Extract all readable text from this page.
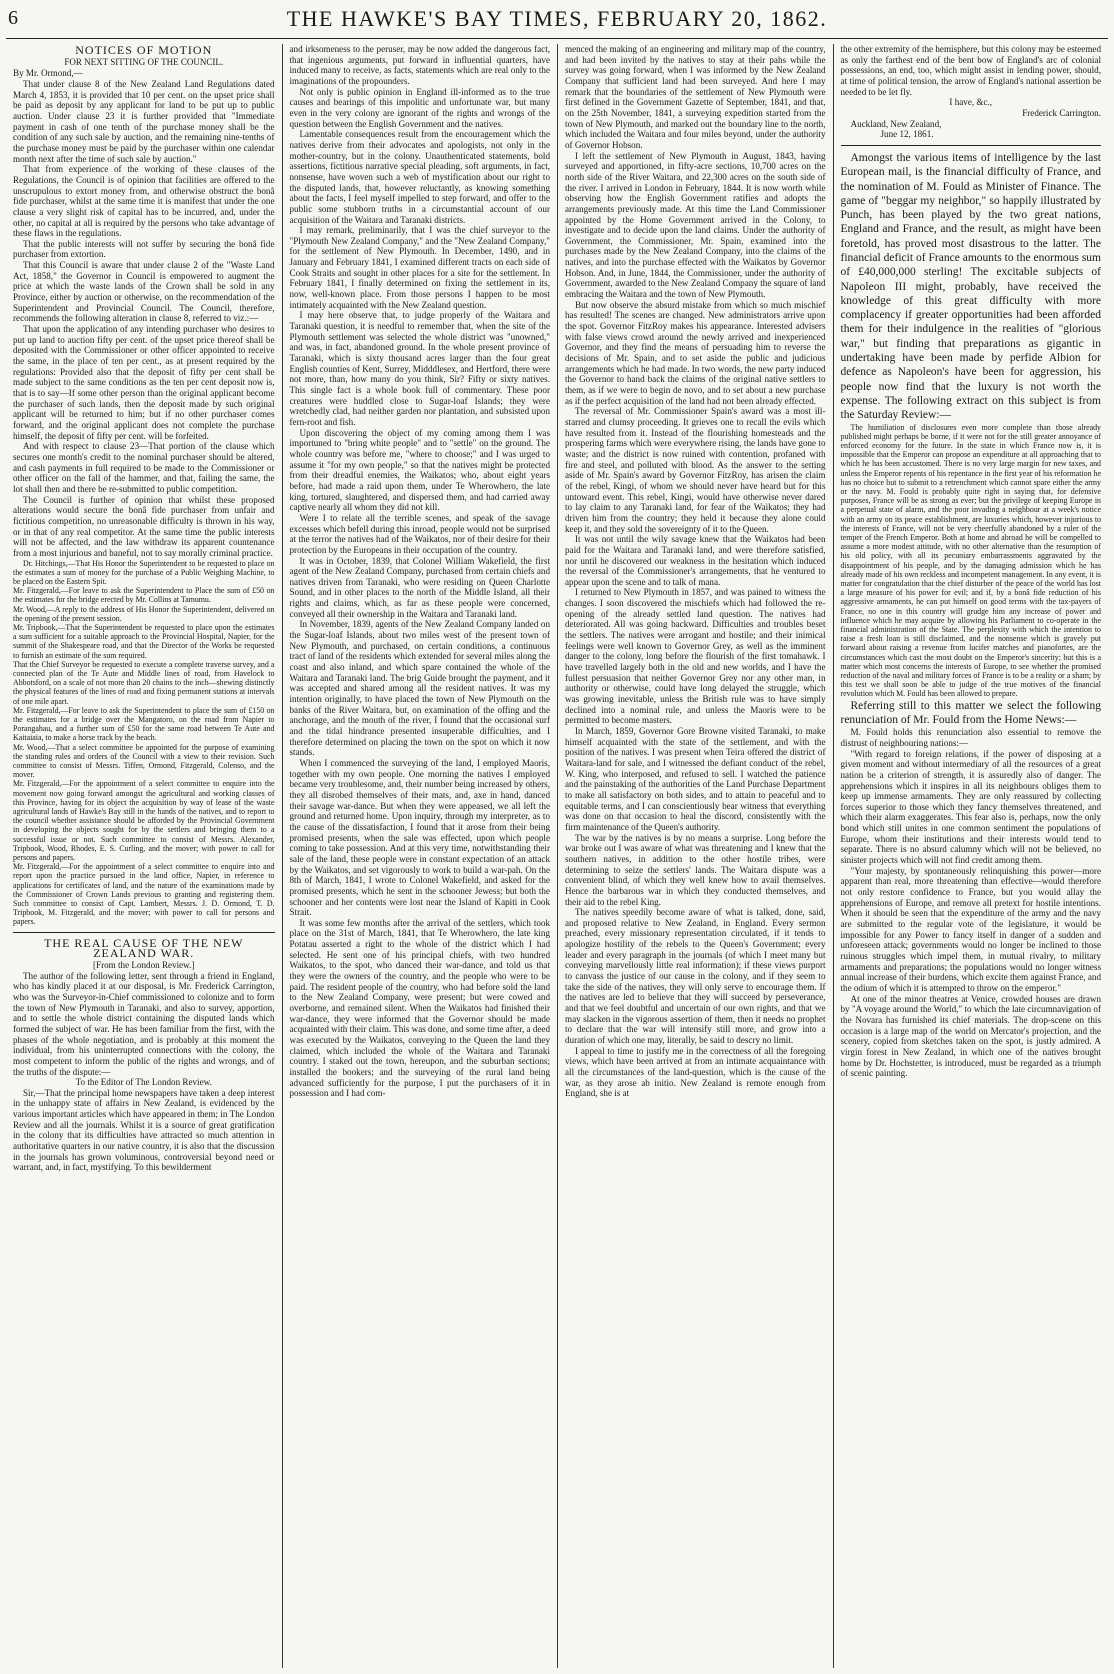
6	THE HAWKE'S BAY TIMES, FEBRUARY 20, 1862.
NOTICES OF MOTION
FOR NEXT SITTING OF THE COUNCIL.

By Mr. Ormond,—

That under clause 8 of the New Zealand Land Regulations dated March 4, 1853, it is provided that 10 per cent. on the upset price shall be paid as deposit by any applicant for land to be put up to public auction. Under clause 23 it is further provided that "Immediate payment in cash of one tenth of the purchase money shall be the condition of any such sale by auction, and the remaining nine-tenths of the purchase money must be paid by the purchaser within one calendar month next after the time of such sale by auction."

That from experience of the working of these clauses of the Regulations, the Council is of opinion that facilities are offered to the unscrupulous to extort money from, and otherwise obstruct the bonâ fide purchaser, whilst at the same time it is manifest that under the one clause a very slight risk of capital has to be incurred, and, under the other, no capital at all is required by the persons who take advantage of these flaws in the regulations.

That the public interests will not suffer by securing the bonâ fide purchaser from extortion.

That this Council is aware that under clause 2 of the "Waste Land Act, 1858," the Governor in Council is empowered to augment the price at which the waste lands of the Crown shall be sold in any Province, either by auction or otherwise, on the recommendation of the Superintendent and Provincial Council. The Council, therefore, recommends the following alteration in clause 8, referred to viz.:—

That upon the application of any intending purchaser who desires to put up land to auction fifty per cent. of the upset price thereof shall be deposited with the Commissioner or other officer appointed to receive the same, in the place of ten per cent., as at present required by the regulations: Provided also that the deposit of fifty per cent shall be made subject to the same conditions as the ten per cent deposit now is, that is to say—If some other person than the original applicant become the purchaser of such lands, then the deposit made by such original applicant will be returned to him; but if no other purchaser comes forward, and the original applicant does not complete the purchase himself, the deposit of fifty per cent. will be forfeited.

And with respect to clause 23—That portion of the clause which secures one month's credit to the nominal purchaser should be altered, and cash payments in full required to be made to the Commissioner or other officer on the fall of the hammer, and that, failing the same, the lot shall then and there be re-submitted to public competition.

The Council is further of opinion that whilst these proposed alterations would secure the bonâ fide purchaser from unfair and fictitious competition, no unreasonable difficulty is thrown in his way, or in that of any real competitor. At the same time the public interests will not be affected, and the law withdraw its apparent countenance from a most injurious and baneful, not to say morally criminal practice.

Dr. Hitchings,—That His Honor the Superintendent to be requested to place on the estimates a sum of money for the purchase of a Public Weighing Machine, to be placed on the Eastern Spit.
Mr. Fitzgerald,—For leave to ask the Superintendent to Place the sum of £50 on the estimates for the bridge erected by Mr. Collins at Tamumu.
Mr. Wood,—A reply to the address of His Honor the Superintendent, delivered on the opening of the present session.
Mr. Tripbook,—That the Superintendent be requested to place upon the estimates a sum sufficient for a suitable approach to the Provincial Hospital, Napier, for the summit of the Shakespeare road, and that the Director of the Works be requested to furnish an estimate of the sum required.
That the Chief Surveyor be requested to execute a complete traverse survey, and a connected plan of the Te Aute and Middle lines of road, from Havelock to Abbotsford, on a scale of not more than 20 chains to the inch—shewing distinctly the physical features of the lines of road and fixing permanent stations at intervals of one mile apart.
Mr. Fitzgerald,—For leave to ask the Superintendent to place the sum of £150 on the estimates for a bridge over the Mangatoro, on the road from Napier to Porangahau, and a further sum of £50 for the same road between Te Aute and Kaitaiaia, to make a horse track by the beach.
Mr. Wood,—That a select committee be appointed for the purpose of examining the standing rules and orders of the Council with a view to their revision. Such committee to consist of Messrs. Tiffen, Ormond, Fitzgerald, Colenso, and the mover.
Mr. Fitzgerald,—For the appointment of a select committee to enquire into the movement now going forward amongst the agricultural and working classes of this Province, having for its object the acquisition by way of lease of the waste agricultural lands of Hawke's Bay still in the hands of the natives, and to report to the council whether assistance should be afforded by the Provincial Government in developing the objects sought for by the settlers and bringing them to a successful issue or not. Such committee to consist of Messrs. Alexander, Tripbook, Wood, Rhodes, E. S. Curling, and the mover; with power to call for persons and papers.
Mr. Fitzgerald,—For the appointment of a select committee to enquire into and report upon the practice pursued in the land office, Napier, in reference to applications for certificates of land, and the nature of the examinations made by the Commissioner of Crown Lands previous to granting and registering them. Such committee to consist of Capt. Lambert, Messrs. J. D. Ormond, T. D. Tripbook, M. Fitzgerald, and the mover; with power to call for persons and papers.

THE REAL CAUSE OF THE NEW ZEALAND WAR.

[From the London Review.]

The author of the following letter, sent through a friend in England, who has kindly placed it at our disposal, is Mr. Frederick Carrington, who was the Surveyor-in-Chief commissioned to colonize and to form the town of New Plymouth in Taranaki, and also to survey, apportion, and to settle the whole district containing the disputed lands which formed the subject of war. He has been familiar from the first, with the phases of the whole negotiation, and is probably at this moment the individual, from his uninterrupted connections with the colony, the most competent to inform the public of the rights and wrongs, and of the truths of the dispute:—

To the Editor of The London Review.

Sir,—That the principal home newspapers have taken a deep interest in the unhappy state of affairs in New Zealand, is evidenced by the various important articles which have appeared in them; in The London Review and all the journals. Whilst it is a source of great gratification in the colony that its difficulties have attracted so much attention in authoritative quarters in our native country, it is also that the discussion in the journals has grown voluminous, controversial beyond need or warrant, and, in fact, mystifying. To this bewilderment

and irksomeness to the peruser, may be now added the dangerous fact, that ingenious arguments, put forward in influential quarters, have induced many to receive, as facts, statements which are real only to the imaginations of the propounders.

Not only is public opinion in England ill-informed as to the true causes and bearings of this impolitic and unfortunate war, but many even in the very colony are ignorant of the rights and wrongs of the question between the English Government and the natives.

Lamentable consequences result from the encouragement which the natives derive from their advocates and apologists, not only in the mother-country, but in the colony. Unauthenticated statements, bold assertions, fictitious narrative special pleading, soft arguments, in fact, nonsense, have woven such a web of mystification about our right to the disputed lands, that, however reluctantly, as knowing something about the facts, I feel myself impelled to step forward, and offer to the public some stubborn truths in a circumstantial account of our acquisition of the Waitara and Taranaki districts.

I may remark, preliminarily, that I was the chief surveyor to the "Plymouth New Zealand Company," and the "New Zealand Company," for the settlement of New Plymouth. In December, 1490, and in January and February 1841, I examined different tracts on each side of Cook Straits and sought in other places for a site for the settlement. In February 1841, I finally determined on fixing the settlement in its, now, well-known place. From those persons I happen to be most intimately acquainted with the New Zealand question.

I may here observe that, to judge properly of the Waitara and Taranaki question, it is needful to remember that, when the site of the Plymouth settlement was selected the whole district was "unowned," and was, in fact, abandoned ground. In the whole present province of Taranaki, which is sixty thousand acres larger than the four great English counties of Kent, Surrey, Midddlesex, and Hertford, there were not more, than, how many do you think, Sir? Fifty or sixty natives. This single fact is a whole book full of commentary. These poor creatures were huddled close to Sugar-loaf Islands; they were wretchedly clad, had neither garden nor plantation, and subsisted upon fern-root and fish.

Upon discovering the object of my coming among them I was importuned to "bring white people" and to "settle" on the ground. The whole country was before me, "where to choose;" and I was urged to assume it "for my own people," so that the natives might be protected from their dreadful enemies, the Waikatos; who, about eight years before, had made a raid upon them, under Te Wherowhero, the late king, tortured, slaughtered, and dispersed them, and had carried away captive nearly all whom they did not kill.

Were I to relate all the terrible scenes, and speak of the savage excesses which befell during this inroad, people would not be surprised at the terror the natives had of the Waikatos, nor of their desire for their protection by the Europeans in their occupation of the country.

It was in October, 1839, that Colonel William Wakefield, the first agent of the New Zealand Company, purchased from certain chiefs and natives driven from Taranaki, who were residing on Queen Charlotte Sound, and in other places to the north of the Middle Island, all their rights and claims, which, as far as these people were concerned, conveyed all their ownership in the Waitara and Taranaki land.

In November, 1839, agents of the New Zealand Company landed on the Sugar-loaf Islands, about two miles west of the present town of New Plymouth, and purchased, on certain conditions, a continuous tract of land of the residents which extended for several miles along the coast and also inland, and which spare contained the whole of the Waitara and Taranaki land. The brig Guide brought the payment, and it was accepted and shared among all the resident natives. It was my intention originally, to have placed the town of New Plymouth on the banks of the River Waitara, but, on examination of the offing and the anchorage, and the mouth of the river, I found that the occasional surf and the tidal hindrance presented insuperable difficulties, and I therefore determined on placing the town on the spot on which it now stands.

When I commenced the surveying of the land, I employed Maoris, together with my own people. One morning the natives I employed became very troublesome, and, their number being increased by others, they all disrobed themselves of their mats, and, axe in hand, danced their savage war-dance. But when they were appeased, we all left the ground and returned home. Upon inquiry, through my interpreter, as to the cause of the dissatisfaction, I found that it arose from their being promised presents, when the sale was effected, upon which people coming to take possession. And at this very time, notwithstanding their sale of the land, these people were in constant expectation of an attack by the Waikatos, and set vigorously to work to build a war-pah. On the 8th of March, 1841, I wrote to Colonel Wakefield, and asked for the promised presents, which he sent in the schooner Jewess; but both the schooner and her contents were lost near the Island of Kapiti in Cook Strait.

It was some few months after the arrival of the settlers, which took place on the 31st of March, 1841, that Te Wherowhero, the late king Potatau asserted a right to the whole of the district which I had selected. He sent one of his principal chiefs, with two hundred Waikatos, to the spot, who danced their war-dance, and told us that they were the owners of the country, and the people who were to be paid. The resident people of the country, who had before sold the land to the New Zealand Company, were present; but were cowed and overborne, and remained silent. When the Waikatos had finished their war-dance, they were informed that the Governor should be made acquainted with their claim. This was done, and some time after, a deed was executed by the Waikatos, conveying to the Queen the land they claimed, which included the whole of the Waitara and Taranaki country. I staked out the town, hereupon, and the suburban sections; installed the bookers; and the surveying of the rural land being advanced sufficiently for the purpose, I put the purchasers of it in possession and I had com-

menced the making of an engineering and military map of the country, and had been invited by the natives to stay at their pahs while the survey was going forward, when I was informed by the New Zealand Company that sufficient land had been surveyed. And here I may remark that the boundaries of the settlement of New Plymouth were first defined in the Government Gazette of September, 1841, and that, on the 25th November, 1841, a surveying expedition started from the town of New Plymouth, and marked out the boundary line to the north, which included the Waitara and four miles beyond, under the authority of Governor Hobson.

I left the settlement of New Plymouth in August, 1843, having surveyed and apportioned, in fifty-acre sections, 10,700 acres on the north side of the River Waitara, and 22,300 acres on the south side of the river. I arrived in London in February, 1844. It is now worth while observing how the English Government ratifies and adopts the arrangements previously made. At this time the Land Commissioner appointed by the Home Government arrived in the Colony, to investigate and to decide upon the land claims. Under the authority of Government, the Commissioner, Mr. Spain, examined into the purchases made by the New Zealand Company, into the claims of the natives, and into the purchase effected with the Waikatos by Governor Hobson. And, in June, 1844, the Commissioner, under the authority of Government, awarded to the New Zealand Company the square of land embracing the Waitara and the town of New Plymouth.

But now observe the absurd mistake from which so much mischief has resulted! The scenes are changed. New administrators arrive upon the spot. Governor FitzRoy makes his appearance. Interested advisers with false views crowd around the newly arrived and inexperienced Governor, and they find the means of persuading him to reverse the decisions of Mr. Spain, and to set aside the public and judicious arrangements which he had made. In two words, the new party induced the Governor to hand back the claims of the original native settlers to them, as if we were to begin de novo, and to set about a new purchase as if the perfect acquisition of the land had not been already effected.

The reversal of Mr. Commissioner Spain's award was a most ill-starred and clumsy proceeding. It grieves one to recall the evils which have resulted from it. Instead of the flourishing homesteads and the prospering farms which were everywhere rising, the lands have gone to waste; and the district is now ruined with contention, profaned with fire and steel, and polluted with blood. As the answer to the setting aside of Mr. Spain's award by Governor FitzRoy, has arisen the claim of the rebel, Kingi, of whom we should never have heard but for this untoward event. This rebel, Kingi, would have otherwise never dared to lay claim to any Taranaki land, for fear of the Waikatos; they had driven him from the country; they held it because they alone could keep it, and they sold the sovereignty of it to the Queen.

It was not until the wily savage knew that the Waikatos had been paid for the Waitara and Taranaki land, and were therefore satisfied, nor until he discovered our weakness in the hesitation which induced the reversal of the Commissioner's arrangements, that he ventured to appear upon the scene and to talk of mana.

I returned to New Plymouth in 1857, and was pained to witness the changes. I soon discovered the mischiefs which had followed the re-opening of the already settled land question. The natives had deteriorated. All was going backward. Difficulties and troubles beset the settlers. The natives were arrogant and hostile; and their inimical feelings were well known to Governor Grey, as well as the imminent danger to the colony, long before the flourish of the first tomahawk. I have travelled largely both in the old and new worlds, and I have the fullest persuasion that neither Governor Grey nor any other man, in authority or otherwise, could have long delayed the struggle, which was growing inevitable, unless the British rule was to have simply declined into a nominal rule, and unless the Maoris were to be permitted to become masters.

In March, 1859, Governor Gore Browne visited Taranaki, to make himself acquainted with the state of the settlement, and with the position of the natives. I was present when Teira offered the district of Waitara-land for sale, and I witnessed the defiant conduct of the rebel, W. King, who interposed, and refused to sell. I watched the patience and the painstaking of the authorities of the Land Purchase Department to make all satisfactory on both sides, and to attain to peaceful and to equitable terms, and I can conscientiously bear witness that everything was done on that occasion to heal the discord, consistently with the firm maintenance of the Queen's authority.

The war by the natives is by no means a surprise. Long before the war broke out I was aware of what was threatening and I knew that the southern natives, in addition to the other hostile tribes, were determining to seize the settlers' lands. The Waitara dispute was a convenient blind, of which they well knew how to avail themselves. Hence the barbarous war in which they conducted themselves, and their aid to the rebel King.

The natives speedily become aware of what is talked, done, said, and proposed relative to New Zealand, in England. Every sermon preached, every missionary representation circulated, if it tends to apologize hostility of the rebels to the Queen's Government; every leader and every paragraph in the journals (of which I meet many but conveying marvellously little real information); if these views purport to canvass the justice of our cause in the colony, and if they seem to take the side of the natives, they will only serve to encourage them. If the natives are led to believe that they will succeed by perseverance, and that we feel doubtful and uncertain of our own rights, and that we may slacken in the vigorous assertion of them, then it needs no prophet to declare that the war will intensify still more, and grow into a duration of which one may, literally, be said to descry no limit.

I appeal to time to justify me in the correctness of all the foregoing views, which have been arrived at from an intimate acquaintance with all the circumstances of the land-question, which is the cause of the war, as they arose ab initio. New Zealand is remote enough from England, she is at

the other extremity of the hemisphere, but this colony may be esteemed as only the farthest end of the bent bow of England's arc of colonial possessions, an end, too, which might assist in lending power, should, at time of political tension, the arrow of England's national assertion be needed to be let fly.

I have, &c.,

Frederick Carrington.

Auckland, New Zealand,

June 12, 1861.

Amongst the various items of intelligence by the last European mail, is the financial difficulty of France, and the nomination of M. Fould as Minister of Finance. The game of "beggar my neighbor," so happily illustrated by Punch, has been played by the two great nations, England and France, and the result, as might have been foretold, has proved most disastrous to the latter. The financial deficit of France amounts to the enormous sum of £40,000,000 sterling! The excitable subjects of Napoleon III might, probably, have received the knowledge of this great difficulty with more complacency if greater opportunities had been afforded them for their indulgence in the realities of "glorious war," but finding that preparations as gigantic in undertaking have been made by perfide Albion for defence as Napoleon's have been for aggression, his people now find that the luxury is not worth the expense. The following extract on this subject is from the Saturday Review:—

The humiliation of disclosures even more complete than those already published might perhaps be borne, if it were not for the still greater annoyance of enforced economy for the future. In the state in which France now is, it is impossible that the Emperor can propose an expenditure at all approaching that to which he has been accustomed. There is no very large margin for new taxes, and unless the Emperor repents of his repentance in the first year of his reformation he has no choice but to submit to a retrenchment which cannot spare either the army or the navy. M. Fould is probably quite right in saying that, for defensive purposes, France will be as strong as ever; but the privilege of keeping Europe in a perpetual state of alarm, and the poor invading a neighbour at a week's notice with an army on its peace establishment, are luxuries which, however injurious to the interests of France, will not be very cheerfully abandoned by a ruler of the temper of the French Emperor. Both at home and abroad he will be compelled to assume a more modest attitude, with no other alternative than the resumption of his old policy, with all its pecuniary embarrassments aggravated by the disappointment of his people, and by the damaging admission which he has already made of his own reckless and incompetent management. In any event, it is matter for congratulation that the chief disturber of the peace of the world has lost a large measure of his power for evil; and if, by a bonâ fide reduction of his aggressive armaments, he can put himself on good terms with the tax-payers of France, no one in this country will grudge him any increase of power and influence which he may acquire by allowing his Parliament to co-operate in the financial administration of the State. The perplexity with which the intention to raise a fresh loan is still disclaimed, and the nonsense which is gravely put forward about raising a revenue from lucifer matches and pianofortes, are the circumstances which cast the most doubt on the Emperor's sincerity; but this is a matter which most concerns the interests of Europe, to see whether the promised reduction of the naval and military forces of France is to be a reality or a sham; by this test we shall soon be able to judge of the true motives of the financial revolution which M. Fould has been allowed to prepare.

Referring still to this matter we select the following renunciation of Mr. Fould from the Home News:—

M. Fould holds this renunciation also essential to remove the distrust of neighbouring nations:—

"With regard to foreign relations, if the power of disposing at a given moment and without intermediary of all the resources of a great nation be a criterion of strength, it is assuredly also of danger. The apprehensions which it inspires in all its neighbours obliges them to keep up immense armaments. They are only reassured by collecting forces superior to those which they fancy themselves threatened, and which their alarm exaggerates. This fear also is, perhaps, now the only bond which still unites in one common sentiment the populations of Europe, whom their institutions and their interests would tend to separate. There is no absurd calumny which will not be believed, no sinister projects which will not find credit among them.

"Your majesty, by spontaneously relinquishing this power—more apparent than real, more threatening than effective—would therefore not only restore confidence to France, but you would allay the apprehensions of Europe, and remove all pretext for hostile intentions. When it should be seen that the expenditure of the army and the navy are submitted to the regular vote of the legislature, it would be impossible for any Power to fancy itself in danger of a sudden and unforeseen attack; governments would no longer be inclined to those ruinous struggles which impel them, in mutual rivalry, to military armaments and preparations; the populations would no longer witness annual increase of their burdens, which excite them against France, and the odium of which it is attempted to throw on the emperor."

At one of the minor theatres at Venice, crowded houses are drawn by "A voyage around the World," to which the late circumnavigation of the Novara has furnished its chief materials. The drop-scene on this occasion is a large map of the world on Mercator's projection, and the scenery, copied from sketches taken on the spot, is justly admired. A virgin forest in New Zealand, in which one of the natives brought home by Dr. Hochstetter, is introduced, must be regarded as a triumph of scenic painting.
